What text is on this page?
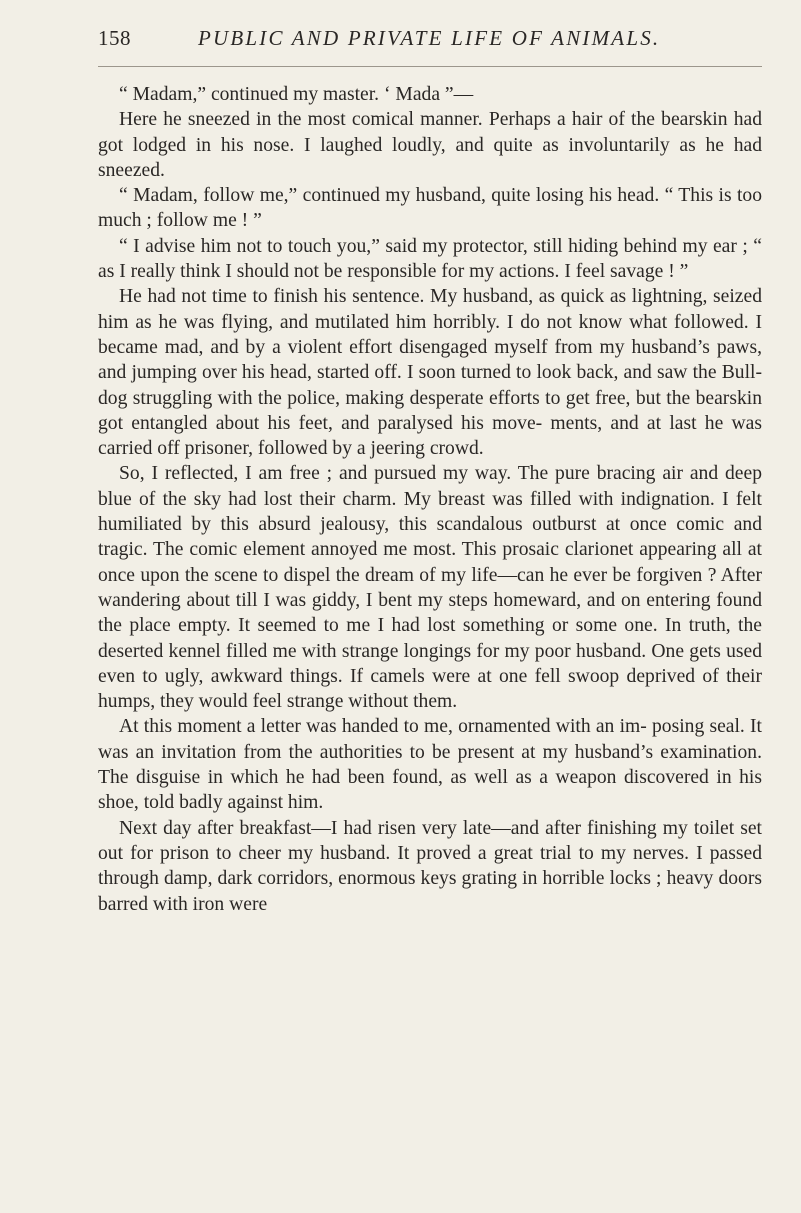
158	PUBLIC AND PRIVATE LIFE OF ANIMALS.

“ Madam,” continued my master. ‘ Mada ”—

Here he sneezed in the most comical manner. Perhaps a hair of the bearskin had got lodged in his nose. I laughed loudly, and quite as involuntarily as he had sneezed.

“ Madam, follow me,” continued my husband, quite losing his head. “ This is too much ; follow me ! ”

“ I advise him not to touch you,” said my protector, still hiding behind my ear ; “ as I really think I should not be responsible for my actions. I feel savage ! ”

He had not time to finish his sentence. My husband, as quick as lightning, seized him as he was flying, and mutilated him horribly. I do not know what followed. I became mad, and by a violent effort disengaged myself from my husband’s paws, and jumping over his head, started off. I soon turned to look back, and saw the Bull-dog struggling with the police, making desperate efforts to get free, but the bearskin got entangled about his feet, and paralysed his move- ments, and at last he was carried off prisoner, followed by a jeering crowd.

So, I reflected, I am free ; and pursued my way. The pure bracing air and deep blue of the sky had lost their charm. My breast was filled with indignation. I felt humiliated by this absurd jealousy, this scandalous outburst at once comic and tragic. The comic element annoyed me most. This prosaic clarionet appearing all at once upon the scene to dispel the dream of my life—can he ever be forgiven ? After wandering about till I was giddy, I bent my steps homeward, and on entering found the place empty. It seemed to me I had lost something or some one. In truth, the deserted kennel filled me with strange longings for my poor husband. One gets used even to ugly, awkward things. If camels were at one fell swoop deprived of their humps, they would feel strange without them.

At this moment a letter was handed to me, ornamented with an im- posing seal. It was an invitation from the authorities to be present at my husband’s examination. The disguise in which he had been found, as well as a weapon discovered in his shoe, told badly against him.

Next day after breakfast—I had risen very late—and after finishing my toilet set out for prison to cheer my husband. It proved a great trial to my nerves. I passed through damp, dark corridors, enormous keys grating in horrible locks ; heavy doors barred with iron were
